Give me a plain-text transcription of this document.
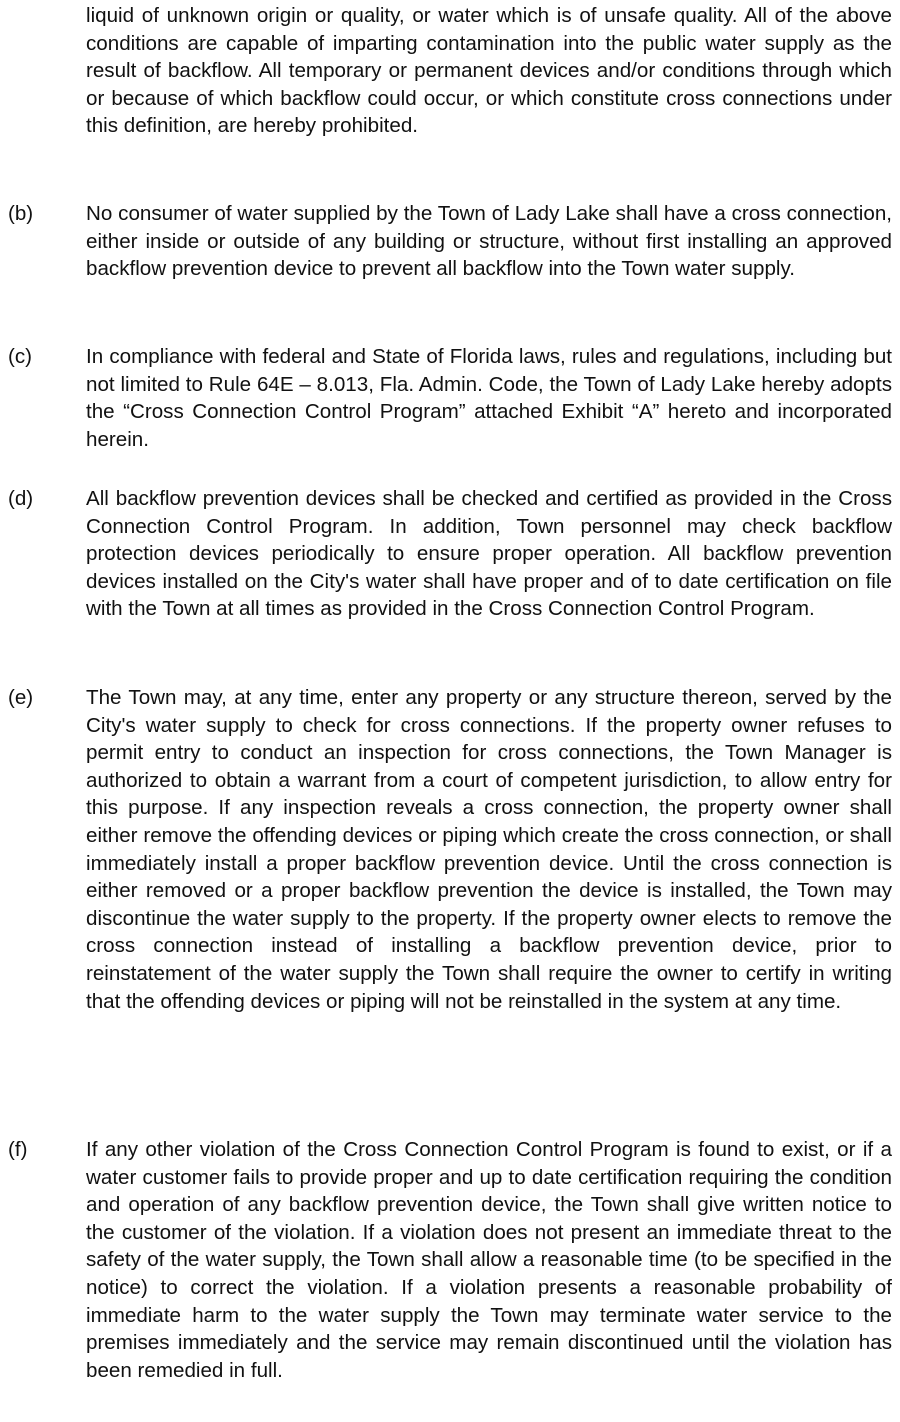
liquid of unknown origin or quality, or water which is of unsafe quality. All of the above conditions are capable of imparting contamination into the public water supply as the result of backflow. All temporary or permanent devices and/or conditions through which or because of which backflow could occur, or which constitute cross connections under this definition, are hereby prohibited.

(b)	No consumer of water supplied by the Town of Lady Lake shall have a cross connection, either inside or outside of any building or structure, without first installing an approved backflow prevention device to prevent all backflow into the Town water supply.

(c)	In compliance with federal and State of Florida laws, rules and regulations, including but not limited to Rule 64E – 8.013, Fla. Admin. Code, the Town of Lady Lake hereby adopts the “Cross Connection Control Program” attached Exhibit “A” hereto and incorporated herein.

(d)	All backflow prevention devices shall be checked and certified as provided in the Cross Connection Control Program. In addition, Town personnel may check backflow protection devices periodically to ensure proper operation. All backflow prevention devices installed on the City's water shall have proper and of to date certification on file with the Town at all times as provided in the Cross Connection Control Program.

(e)	The Town may, at any time, enter any property or any structure thereon, served by the City's water supply to check for cross connections. If the property owner refuses to permit entry to conduct an inspection for cross connections, the Town Manager is authorized to obtain a warrant from a court of competent jurisdiction, to allow entry for this purpose. If any inspection reveals a cross connection, the property owner shall either remove the offending devices or piping which create the cross connection, or shall immediately install a proper backflow prevention device. Until the cross connection is either removed or a proper backflow prevention the device is installed, the Town may discontinue the water supply to the property. If the property owner elects to remove the cross connection instead of installing a backflow prevention device, prior to reinstatement of the water supply the Town shall require the owner to certify in writing that the offending devices or piping will not be reinstalled in the system at any time.

(f)	If any other violation of the Cross Connection Control Program is found to exist, or if a water customer fails to provide proper and up to date certification requiring the condition and operation of any backflow prevention device, the Town shall give written notice to the customer of the violation. If a violation does not present an immediate threat to the safety of the water supply, the Town shall allow a reasonable time (to be specified in the notice) to correct the violation. If a violation presents a reasonable probability of immediate harm to the water supply the Town may terminate water service to the premises immediately and the service may remain discontinued until the violation has been remedied in full.
